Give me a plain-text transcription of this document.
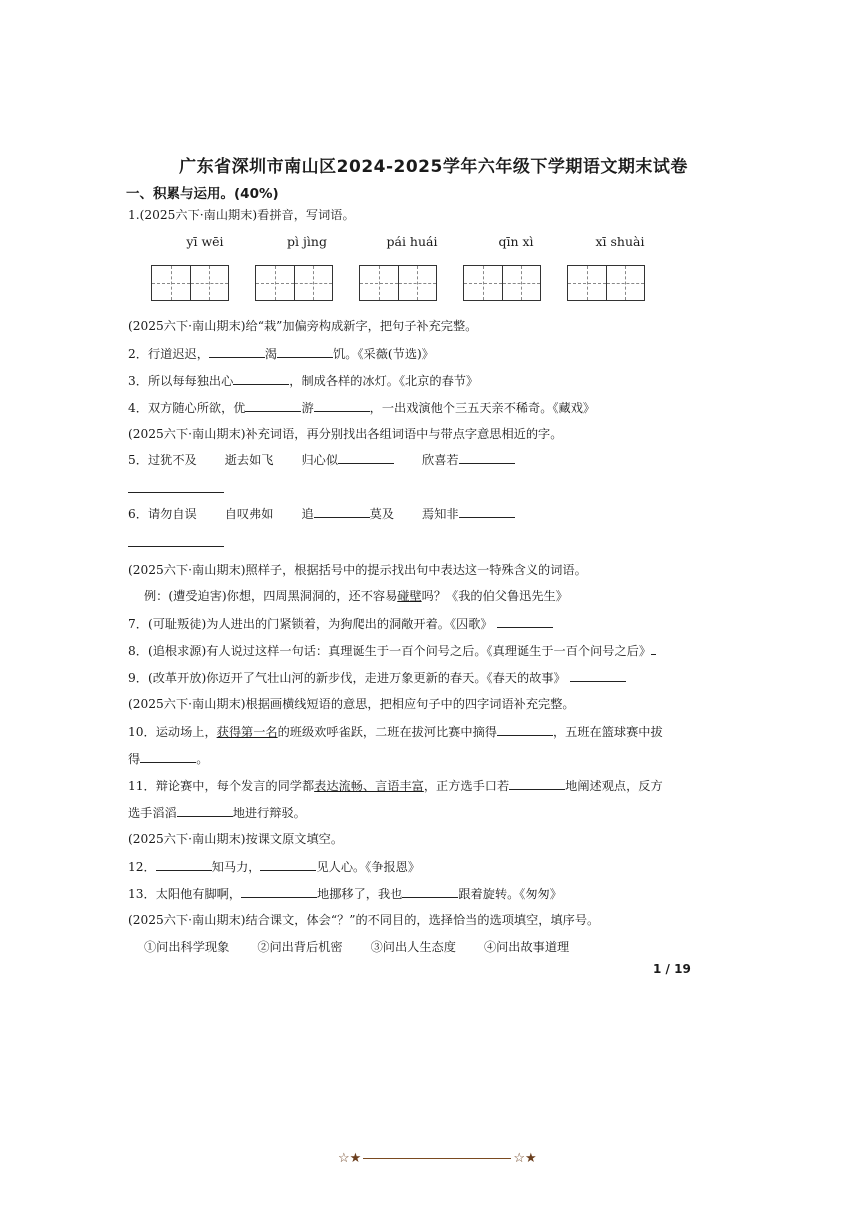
广东省深圳市南山区2024-2025学年六年级下学期语文期末试卷
一、积累与运用。(40%)
1.(2025六下·南山期末)看拼音，写词语。
yī wēi	pì jìng	pái huái	qīn xì	xī shuài
(2025六下·南山期末)给“栽”加偏旁构成新字，把句子补充完整。
2．行道迟迟，	渴	饥。《采薇(节选)》
3．所以每每独出心	，制成各样的冰灯。《北京的春节》
4．双方随心所欲，优	游	，一出戏演他个三五天亲不稀奇。《藏戏》
(2025六下·南山期末)补充词语，再分别找出各组词语中与带点字意思相近的字。
5．过犹不及 逝去如飞 归心似	欣喜若
6．请勿自误 自叹弗如 追	莫及 焉知非
(2025六下·南山期末)照样子，根据括号中的提示找出句中表达这一特殊含义的词语。
例：(遭受迫害)你想，四周黑洞洞的，还不容易碰壁吗？《我的伯父鲁迅先生》
7．(可耻叛徒)为人进出的门紧锁着，为狗爬出的洞敞开着。《囚歌》
8．(追根求源)有人说过这样一句话：真理诞生于一百个问号之后。《真理诞生于一百个问号之后》
9．(改革开放)你迈开了气壮山河的新步伐，走进万象更新的春天。《春天的故事》
(2025六下·南山期末)根据画横线短语的意思，把相应句子中的四字词语补充完整。
10．运动场上，获得第一名的班级欢呼雀跃，二班在拔河比赛中摘得	，五班在篮球赛中拔
得	。
11．辩论赛中，每个发言的同学都表达流畅、言语丰富，正方选手口若	地阐述观点，反方
选手滔滔	地进行辩驳。
(2025六下·南山期末)按课文原文填空。
12．	知马力，	见人心。《争报恩》
13．太阳他有脚啊，	地挪移了，我也	跟着旋转。《匆匆》
(2025六下·南山期末)结合课文，体会“？”的不同目的，选择恰当的选项填空，填序号。
①问出科学现象 ②问出背后机密 ③问出人生态度 ④问出故事道理
1 / 19
☆★	☆★
